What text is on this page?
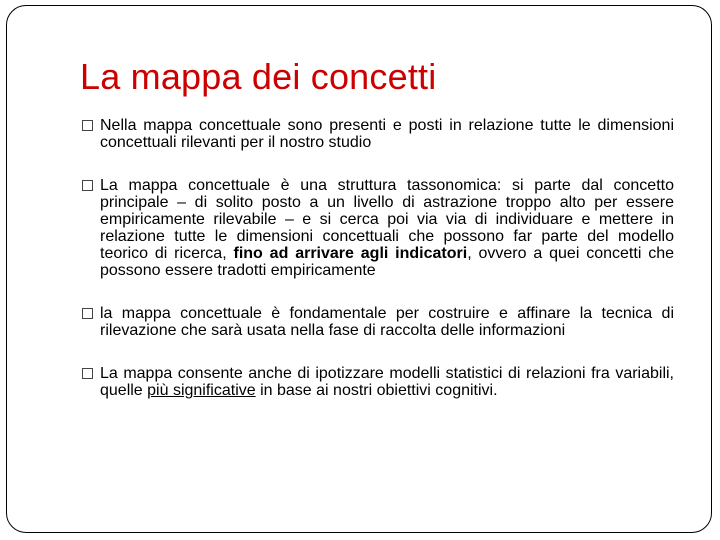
La mappa dei concetti
Nella mappa concettuale sono presenti e posti in relazione tutte le dimensioni concettuali rilevanti per il nostro studio
La mappa concettuale è una struttura tassonomica: si parte dal concetto principale – di solito posto a un livello di astrazione troppo alto per essere empiricamente rilevabile – e si cerca poi via via di individuare e mettere in relazione tutte le dimensioni concettuali che possono far parte del modello teorico di ricerca, fino ad arrivare agli indicatori, ovvero a quei concetti che possono essere tradotti empiricamente
la mappa concettuale è fondamentale per costruire e affinare la tecnica di rilevazione che sarà usata nella fase di raccolta delle informazioni
La mappa consente anche di ipotizzare modelli statistici di relazioni fra variabili, quelle più significative in base ai nostri obiettivi cognitivi.
